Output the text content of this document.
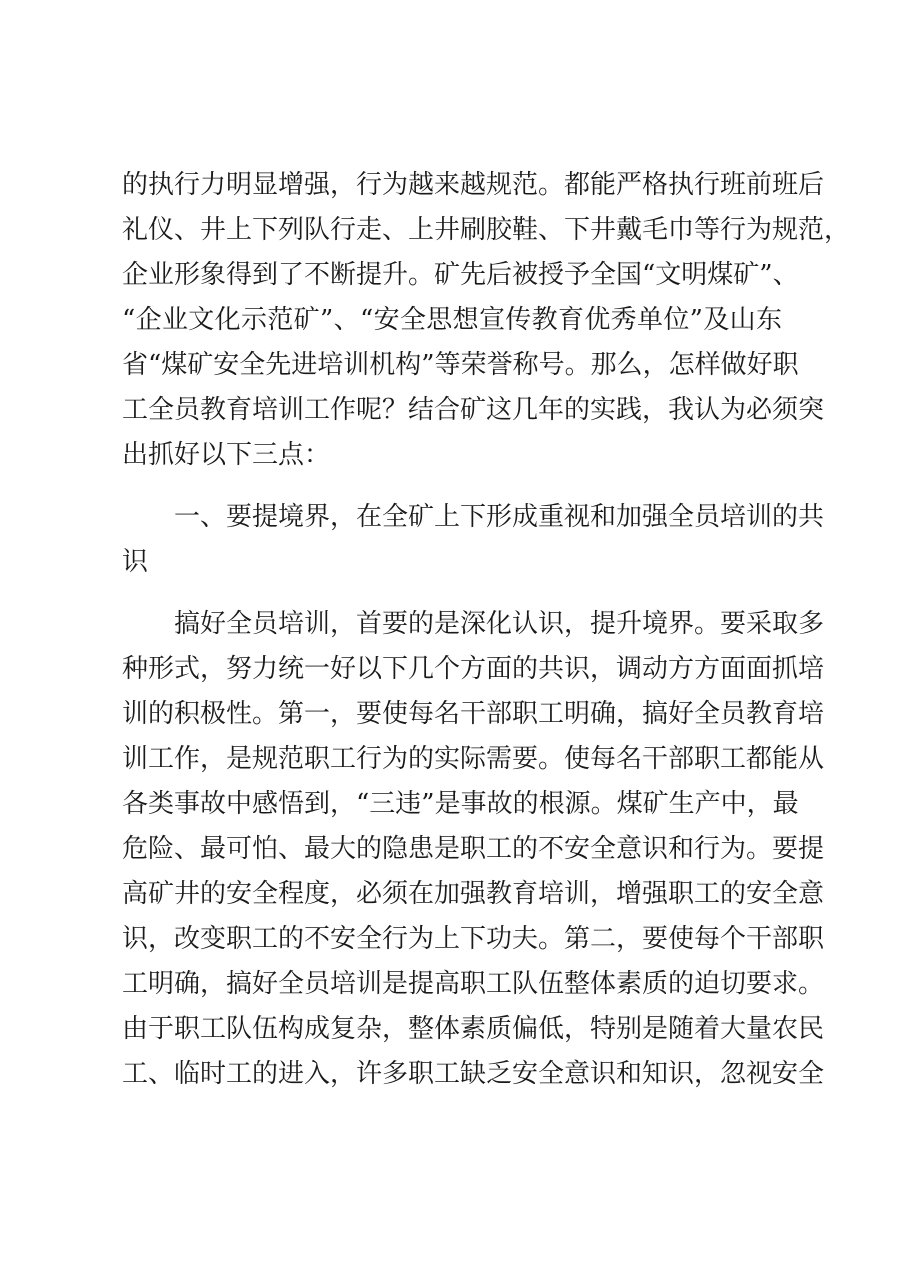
的执行力明显增强，行为越来越规范。都能严格执行班前班后
礼仪、井上下列队行走、上井刷胶鞋、下井戴毛巾等行为规范，
企业形象得到了不断提升。矿先后被授予全国“文明煤矿”、
“企业文化示范矿”、“安全思想宣传教育优秀单位”及山东
省“煤矿安全先进培训机构”等荣誉称号。那么，怎样做好职
工全员教育培训工作呢？结合矿这几年的实践，我认为必须突
出抓好以下三点：
一、要提境界，在全矿上下形成重视和加强全员培训的共
识
搞好全员培训，首要的是深化认识，提升境界。要采取多
种形式，努力统一好以下几个方面的共识，调动方方面面抓培
训的积极性。第一，要使每名干部职工明确，搞好全员教育培
训工作，是规范职工行为的实际需要。使每名干部职工都能从
各类事故中感悟到，“三违”是事故的根源。煤矿生产中，最
危险、最可怕、最大的隐患是职工的不安全意识和行为。要提
高矿井的安全程度，必须在加强教育培训，增强职工的安全意
识，改变职工的不安全行为上下功夫。第二，要使每个干部职
工明确，搞好全员培训是提高职工队伍整体素质的迫切要求。
由于职工队伍构成复杂，整体素质偏低，特别是随着大量农民
工、临时工的进入，许多职工缺乏安全意识和知识，忽视安全
